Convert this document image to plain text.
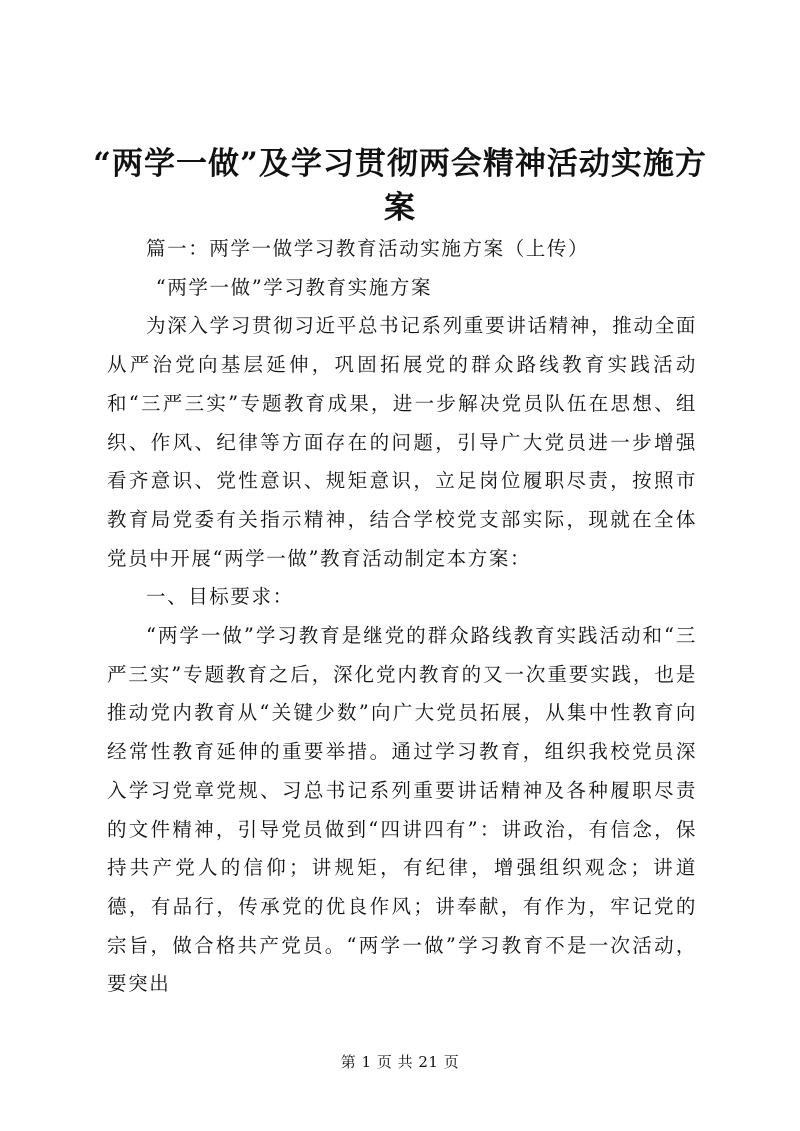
“两学一做”及学习贯彻两会精神活动实施方案

篇一：两学一做学习教育活动实施方案（上传）

“两学一做”学习教育实施方案

为深入学习贯彻习近平总书记系列重要讲话精神，推动全面从严治党向基层延伸，巩固拓展党的群众路线教育实践活动和“三严三实”专题教育成果，进一步解决党员队伍在思想、组织、作风、纪律等方面存在的问题，引导广大党员进一步增强看齐意识、党性意识、规矩意识，立足岗位履职尽责，按照市教育局党委有关指示精神，结合学校党支部实际，现就在全体党员中开展“两学一做”教育活动制定本方案：

一、目标要求：

“两学一做”学习教育是继党的群众路线教育实践活动和“三严三实”专题教育之后，深化党内教育的又一次重要实践，也是推动党内教育从“关键少数”向广大党员拓展，从集中性教育向经常性教育延伸的重要举措。通过学习教育，组织我校党员深入学习党章党规、习总书记系列重要讲话精神及各种履职尽责的文件精神，引导党员做到“四讲四有”：讲政治，有信念，保持共产党人的信仰；讲规矩，有纪律，增强组织观念；讲道德，有品行，传承党的优良作风；讲奉献，有作为，牢记党的宗旨，做合格共产党员。“两学一做”学习教育不是一次活动，要突出

第 1 页 共 21 页
